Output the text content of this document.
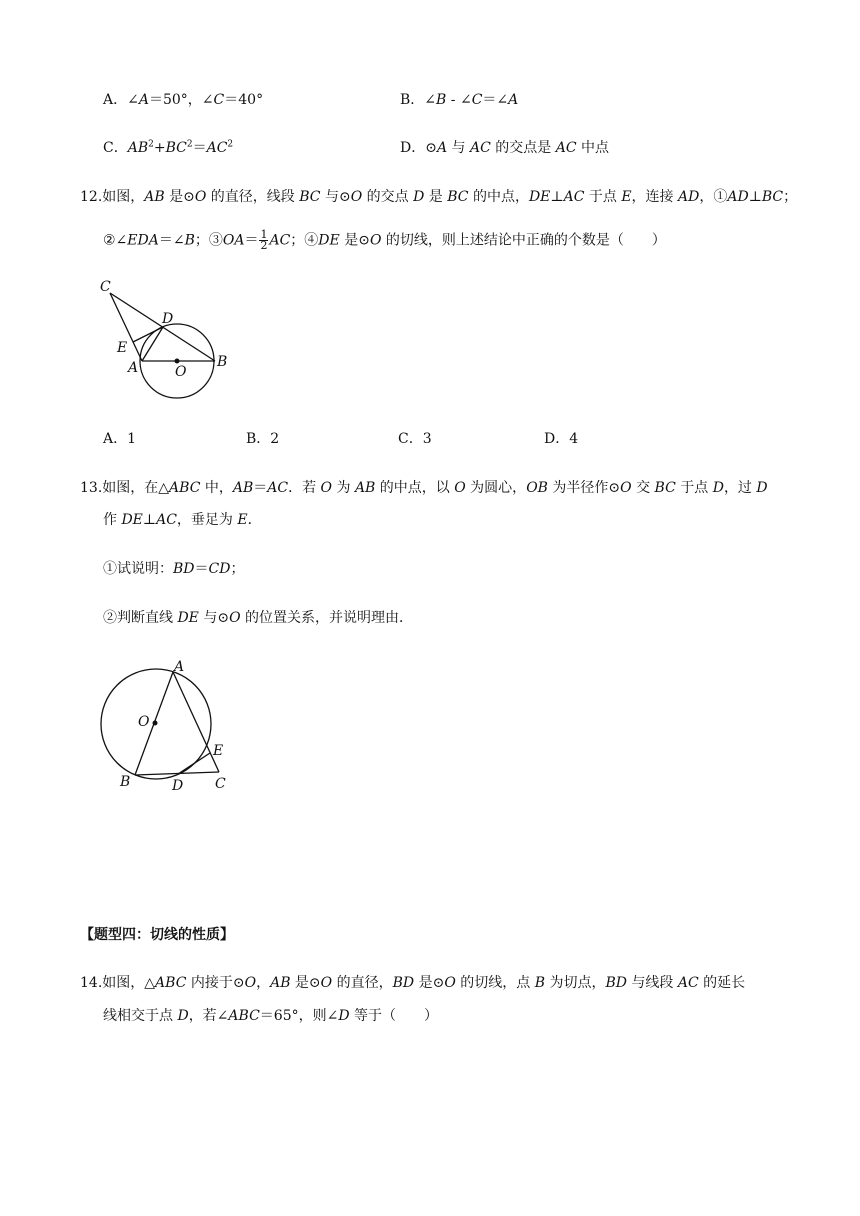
A．∠A＝50°，∠C＝40°	B．∠B - ∠C＝∠A
C．$AB^2+BC^2=AC^2$	D．⊙A 与 AC 的交点是 AC 中点
12.如图，AB 是⊙O 的直径，线段 BC 与⊙O 的交点 D 是 BC 的中点，DE⊥AC 于点 E，连接 AD，①AD⊥BC；
②∠EDA＝∠B；③OA＝ $\frac{1}{2}$ AC；④DE 是⊙O 的切线，则上述结论中正确的个数是（　　）
C
D
E
A	O
B
A．1	B．2	C．3	D．4
13.如图，在△ABC 中，AB＝AC．若 O 为 AB 的中点，以 O 为圆心，OB 为半径作⊙O 交 BC 于点 D，过 D
作 DE⊥AC，垂足为 E．
①试说明：BD＝CD；
②判断直线 DE 与⊙O 的位置关系，并说明理由．
A
O
E
B	D C
【题型四：切线的性质】
14.如图，△ABC 内接于⊙O，AB 是⊙O 的直径，BD 是⊙O 的切线，点 B 为切点，BD 与线段 AC 的延长
线相交于点 D，若∠ABC＝65°，则∠D 等于（　　）
